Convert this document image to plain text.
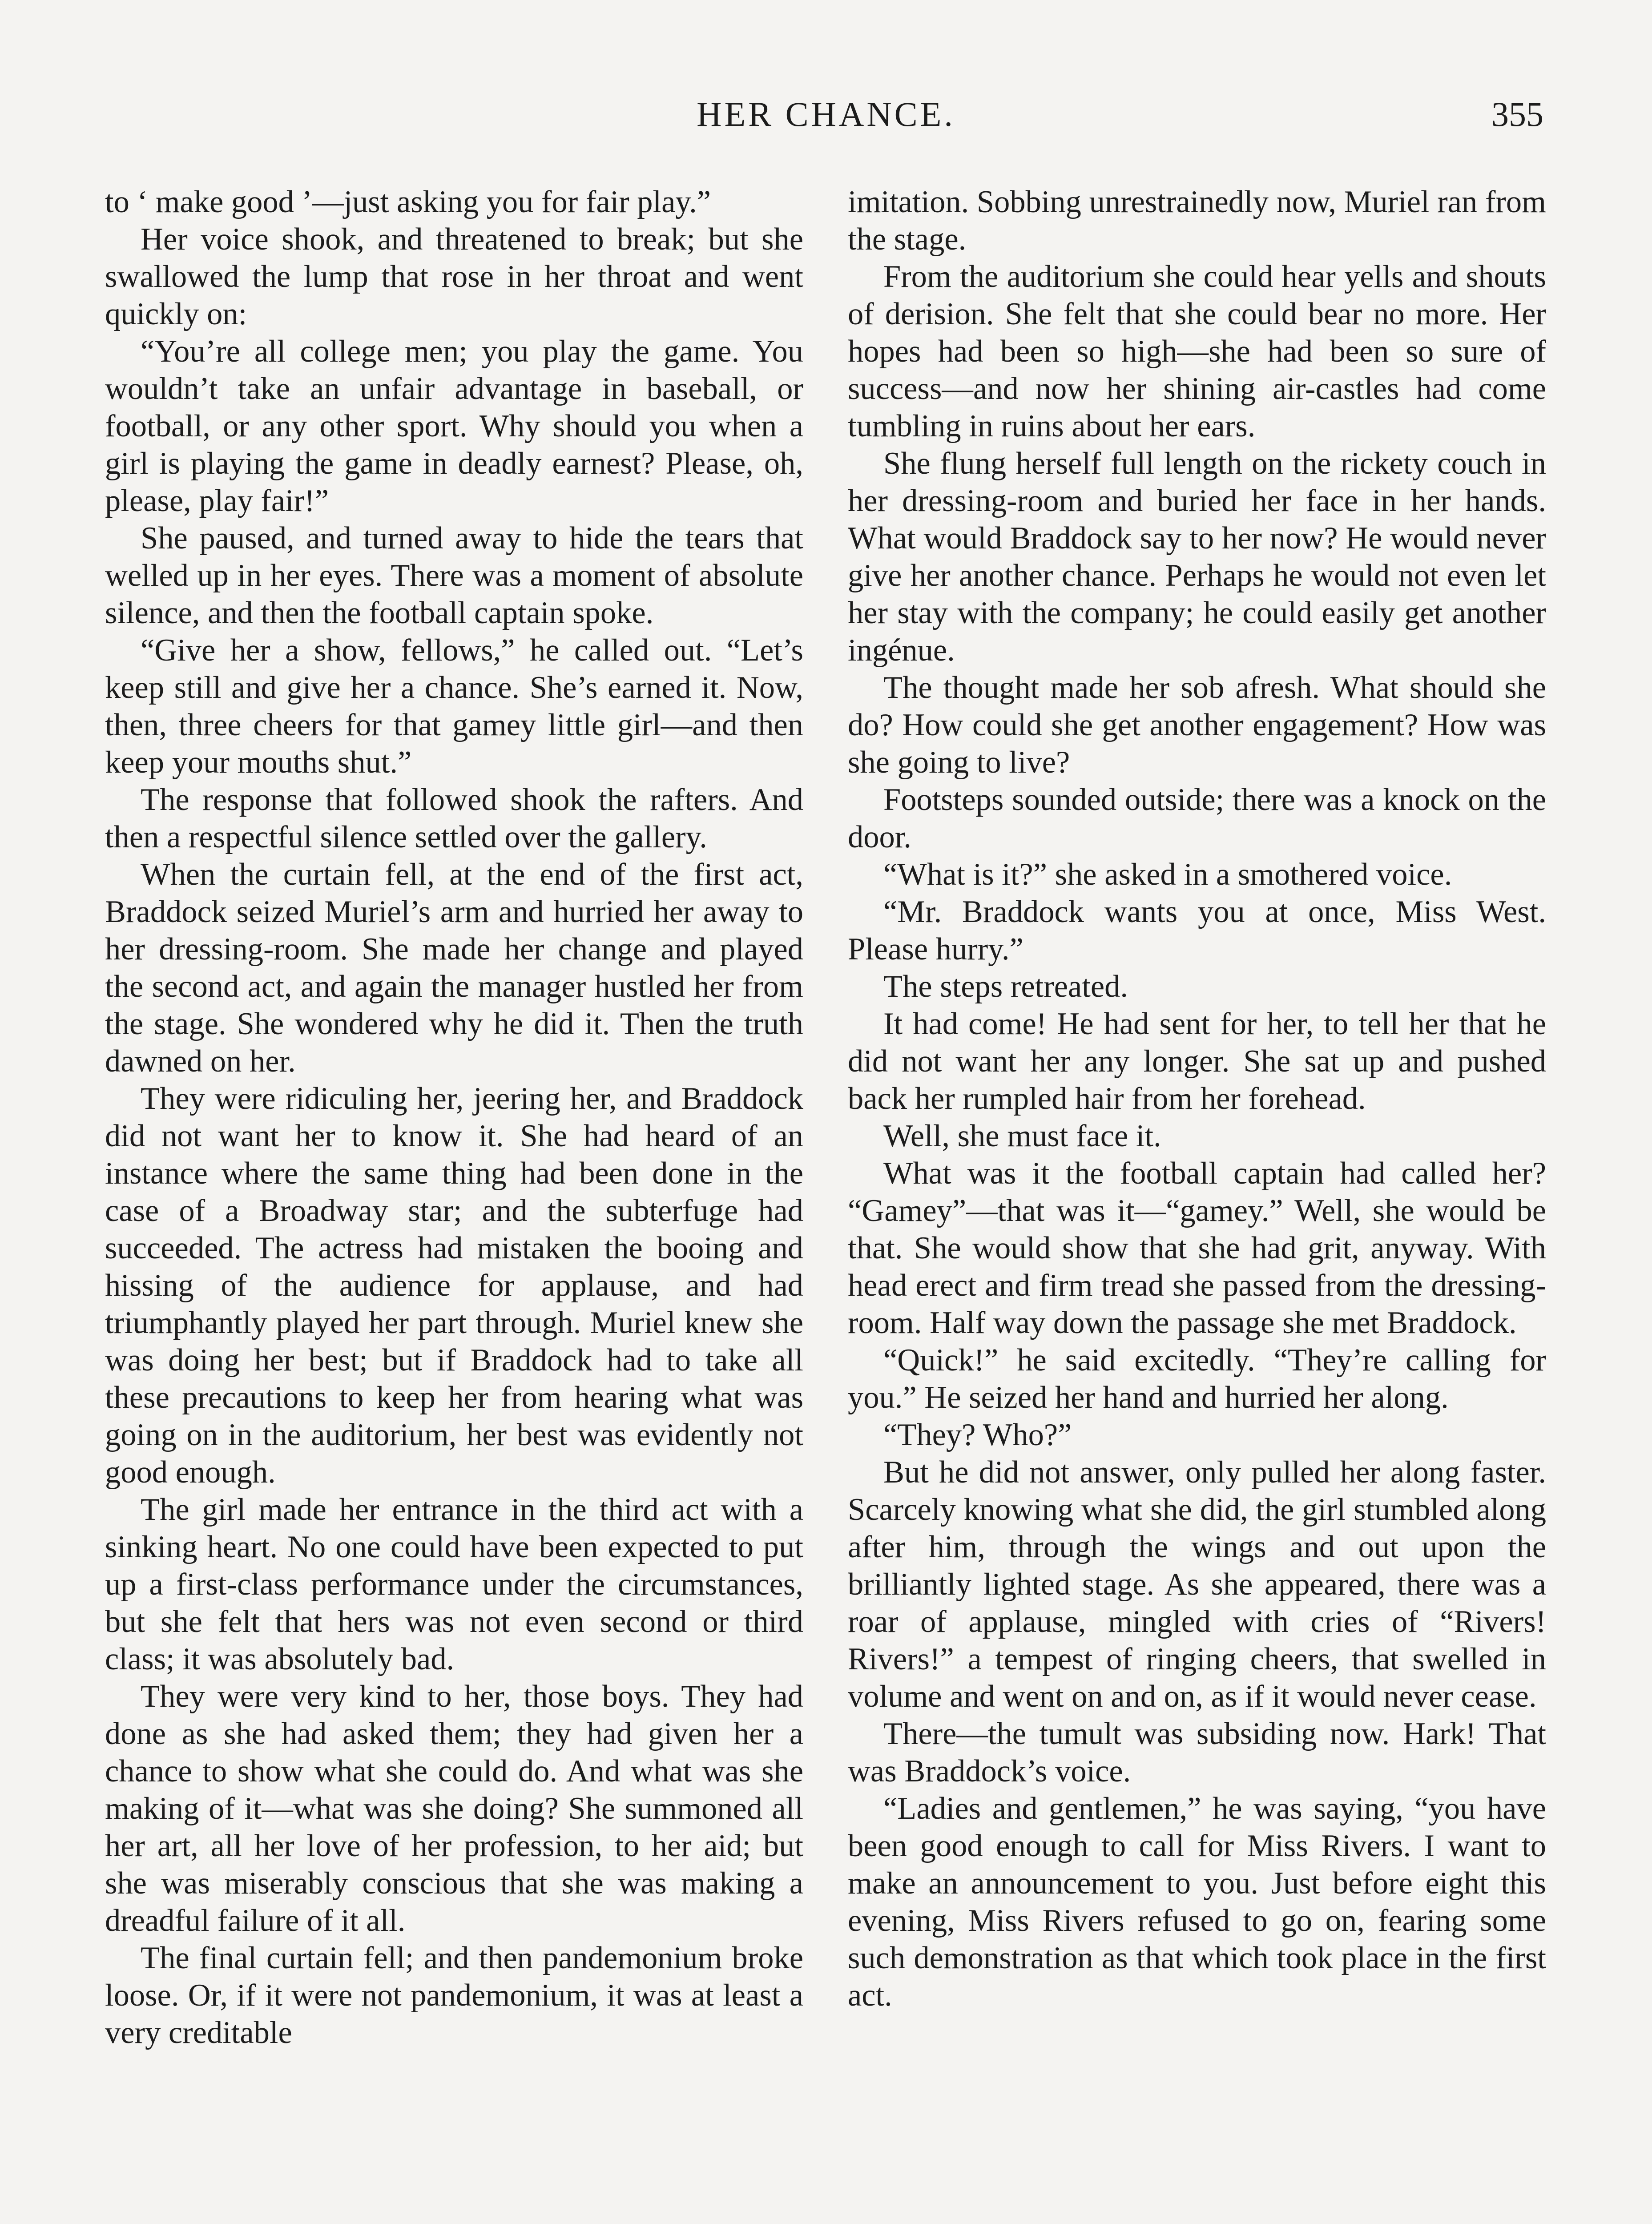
HER CHANCE.	355

to ‘ make good ’—just asking you for fair play.”

Her voice shook, and threatened to break; but she swallowed the lump that rose in her throat and went quickly on:

“You’re all college men; you play the game. You wouldn’t take an unfair advantage in baseball, or football, or any other sport. Why should you when a girl is playing the game in deadly earnest? Please, oh, please, play fair!”

She paused, and turned away to hide the tears that welled up in her eyes. There was a moment of absolute silence, and then the football captain spoke.

“Give her a show, fellows,” he called out. “Let’s keep still and give her a chance. She’s earned it. Now, then, three cheers for that gamey little girl—and then keep your mouths shut.”

The response that followed shook the rafters. And then a respectful silence settled over the gallery.

When the curtain fell, at the end of the first act, Braddock seized Muriel’s arm and hurried her away to her dressing-room. She made her change and played the second act, and again the manager hustled her from the stage. She wondered why he did it. Then the truth dawned on her.

They were ridiculing her, jeering her, and Braddock did not want her to know it. She had heard of an instance where the same thing had been done in the case of a Broadway star; and the subterfuge had succeeded. The actress had mistaken the booing and hissing of the audience for applause, and had triumphantly played her part through. Muriel knew she was doing her best; but if Braddock had to take all these precautions to keep her from hearing what was going on in the auditorium, her best was evidently not good enough.

The girl made her entrance in the third act with a sinking heart. No one could have been expected to put up a first-class performance under the circumstances, but she felt that hers was not even second or third class; it was absolutely bad.

They were very kind to her, those boys. They had done as she had asked them; they had given her a chance to show what she could do. And what was she making of it—what was she doing? She summoned all her art, all her love of her profession, to her aid; but she was miserably conscious that she was making a dreadful failure of it all.

The final curtain fell; and then pandemonium broke loose. Or, if it were not pandemonium, it was at least a very creditable

imitation. Sobbing unrestrainedly now, Muriel ran from the stage.

From the auditorium she could hear yells and shouts of derision. She felt that she could bear no more. Her hopes had been so high—she had been so sure of success—and now her shining air-castles had come tumbling in ruins about her ears.

She flung herself full length on the rickety couch in her dressing-room and buried her face in her hands. What would Braddock say to her now? He would never give her another chance. Perhaps he would not even let her stay with the company; he could easily get another ingénue.

The thought made her sob afresh. What should she do? How could she get another engagement? How was she going to live?

Footsteps sounded outside; there was a knock on the door.

“What is it?” she asked in a smothered voice.

“Mr. Braddock wants you at once, Miss West. Please hurry.”

The steps retreated.

It had come! He had sent for her, to tell her that he did not want her any longer. She sat up and pushed back her rumpled hair from her forehead.

Well, she must face it.

What was it the football captain had called her? “Gamey”—that was it—“gamey.” Well, she would be that. She would show that she had grit, anyway. With head erect and firm tread she passed from the dressing-room. Half way down the passage she met Braddock.

“Quick!” he said excitedly. “They’re calling for you.” He seized her hand and hurried her along.

“They? Who?”

But he did not answer, only pulled her along faster. Scarcely knowing what she did, the girl stumbled along after him, through the wings and out upon the brilliantly lighted stage. As she appeared, there was a roar of applause, mingled with cries of “Rivers! Rivers!” a tempest of ringing cheers, that swelled in volume and went on and on, as if it would never cease.

There—the tumult was subsiding now. Hark! That was Braddock’s voice.

“Ladies and gentlemen,” he was saying, “you have been good enough to call for Miss Rivers. I want to make an announcement to you. Just before eight this evening, Miss Rivers refused to go on, fearing some such demonstration as that which took place in the first act.
